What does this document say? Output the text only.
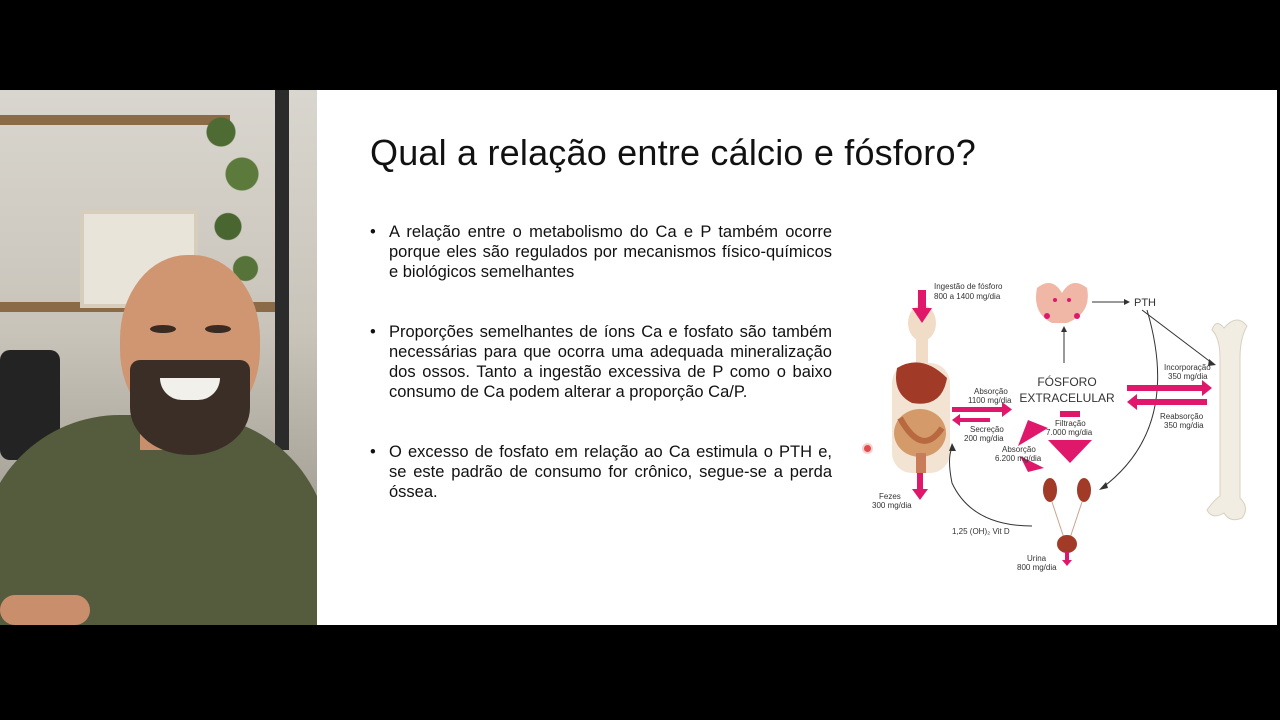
Qual a relação entre cálcio e fósforo?
• A relação entre o metabolismo do Ca e P também ocorre porque eles são regulados por mecanismos físico-químicos e biológicos semelhantes
• Proporções semelhantes de íons Ca e fosfato são também necessárias para que ocorra uma adequada mineralização dos ossos. Tanto a ingestão excessiva de P como o baixo consumo de Ca podem alterar a proporção Ca/P.
• O excesso de fosfato em relação ao Ca estimula o PTH e, se este padrão de consumo for crônico, segue-se a perda óssea.
Ingestão de fósforo
800 a 1400 mg/dia
PTH
FÓSFORO
EXTRACELULAR
Absorção
1100 mg/dia
Secreção
200 mg/dia
Incorporação
350 mg/dia
Reabsorção
350 mg/dia
Filtração
7.000 mg/dia
Absorção
6.200 mg/dia
Urina
800 mg/dia
Fezes
300 mg/dia
1,25 (OH)₂ Vit D
